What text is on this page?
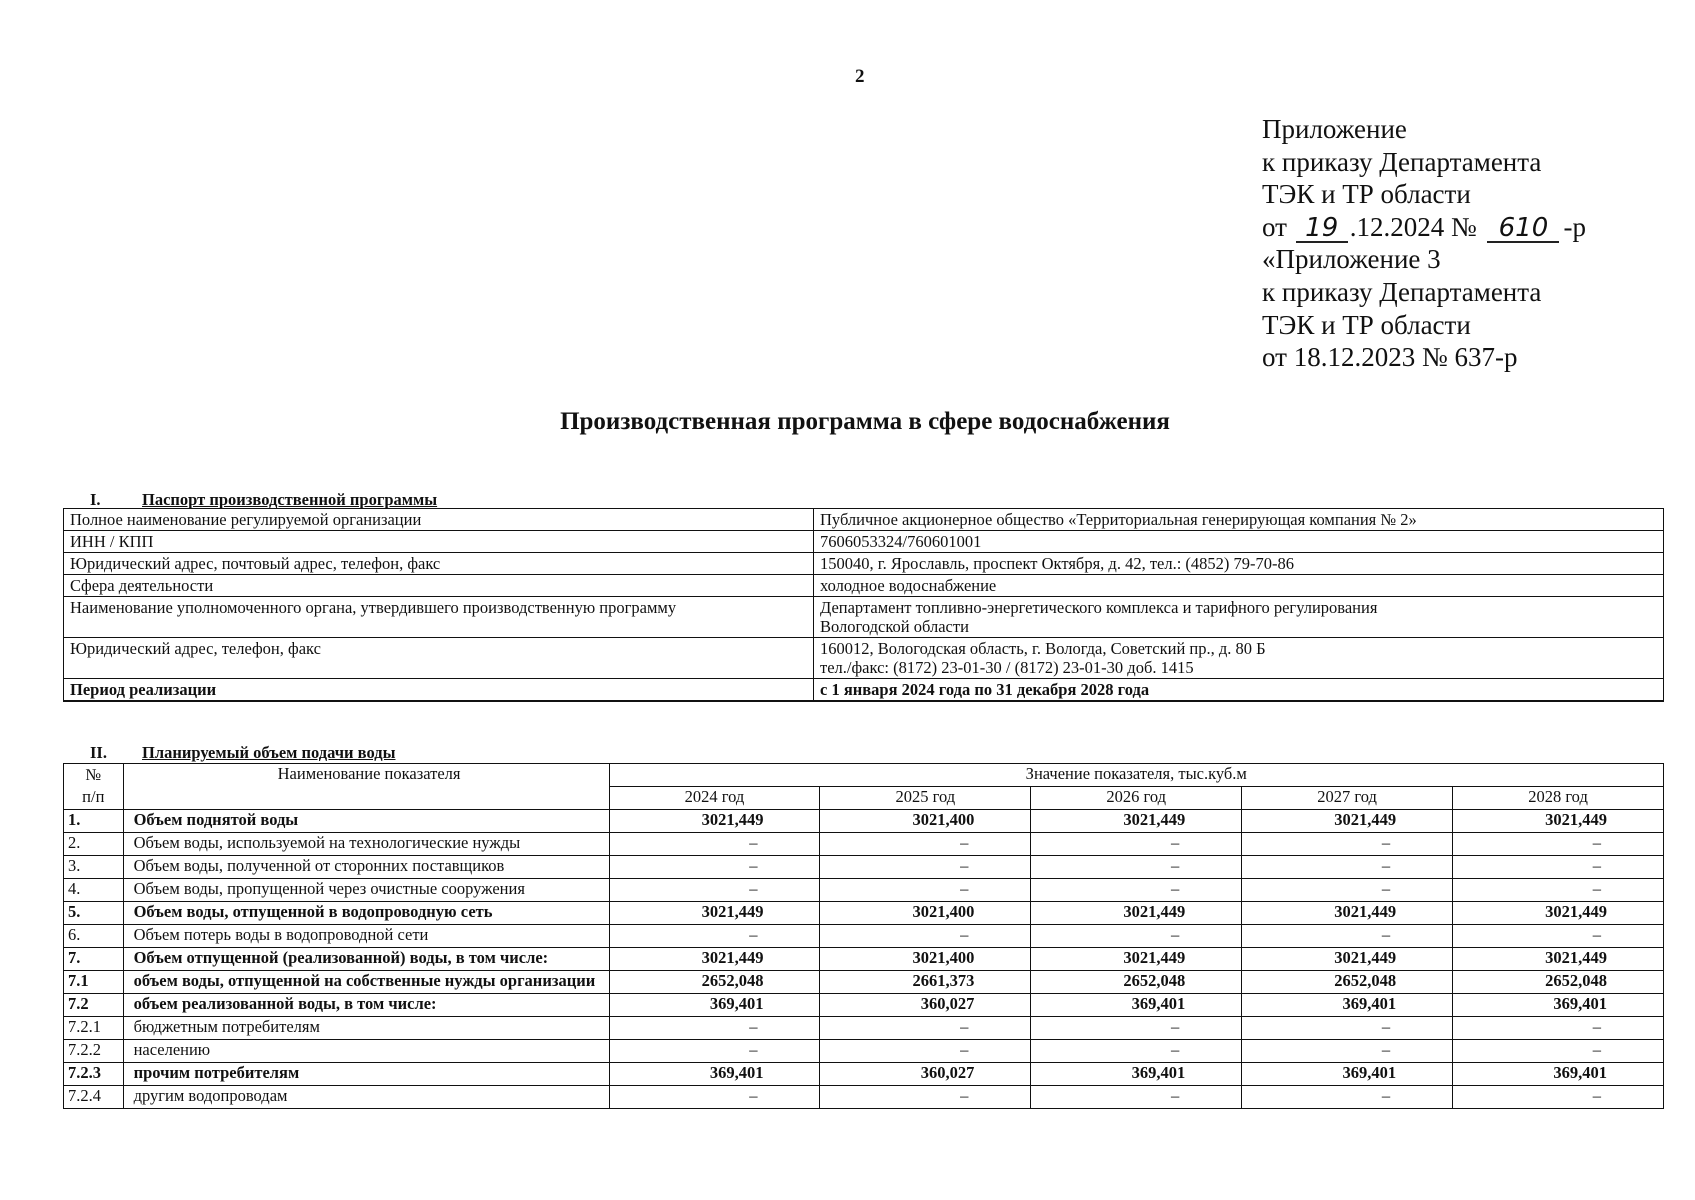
2
Приложение
к приказу Департамента
ТЭК и ТР области
от 19 .12.2024 № 610 -р
«Приложение 3
к приказу Департамента
ТЭК и ТР области
от 18.12.2023 № 637-р
Производственная программа в сфере водоснабжения
I.	Паспорт производственной программы
Полное наименование регулируемой организации	Публичное акционерное общество «Территориальная генерирующая компания № 2»
ИНН / КПП	7606053324/760601001
Юридический адрес, почтовый адрес, телефон, факс	150040, г. Ярославль, проспект Октября, д. 42, тел.: (4852) 79-70-86
Сфера деятельности	холодное водоснабжение
Наименование уполномоченного органа, утвердившего производственную программу	Департамент топливно-энергетического комплекса и тарифного регулирования
Вологодской области

Юридический адрес, телефон, факс	160012, Вологодская область, г. Вологда, Советский пр., д. 80 Б
тел./факс: (8172) 23-01-30 / (8172) 23-01-30 доб. 1415

Период реализации	с 1 января 2024 года по 31 декабря 2028 года
II. Планируемый объем подачи воды
№
п/п	Наименование показателя	Значение показателя, тыс.куб.м				
		2024 год	2025 год	2026 год	2027 год	2028 год
1.	Объем поднятой воды	3021,449	3021,400	3021,449	3021,449	3021,449
2.	Объем воды, используемой на технологические нужды	–	–	–	–	–
3.	Объем воды, полученной от сторонних поставщиков	–	–	–	–	–
4.	Объем воды, пропущенной через очистные сооружения	–	–	–	–	–
5.	Объем воды, отпущенной в водопроводную сеть	3021,449	3021,400	3021,449	3021,449	3021,449
6.	Объем потерь воды в водопроводной сети	–	–	–	–	–
7.	Объем отпущенной (реализованной) воды, в том числе:	3021,449	3021,400	3021,449	3021,449	3021,449
7.1	объем воды, отпущенной на собственные нужды организации	2652,048	2661,373	2652,048	2652,048	2652,048
7.2	объем реализованной воды, в том числе:	369,401	360,027	369,401	369,401	369,401
7.2.1	бюджетным потребителям	–	–	–	–	–
7.2.2	населению	–	–	–	–	–
7.2.3	прочим потребителям	369,401	360,027	369,401	369,401	369,401
7.2.4	другим водопроводам	–	–	–	–	–
